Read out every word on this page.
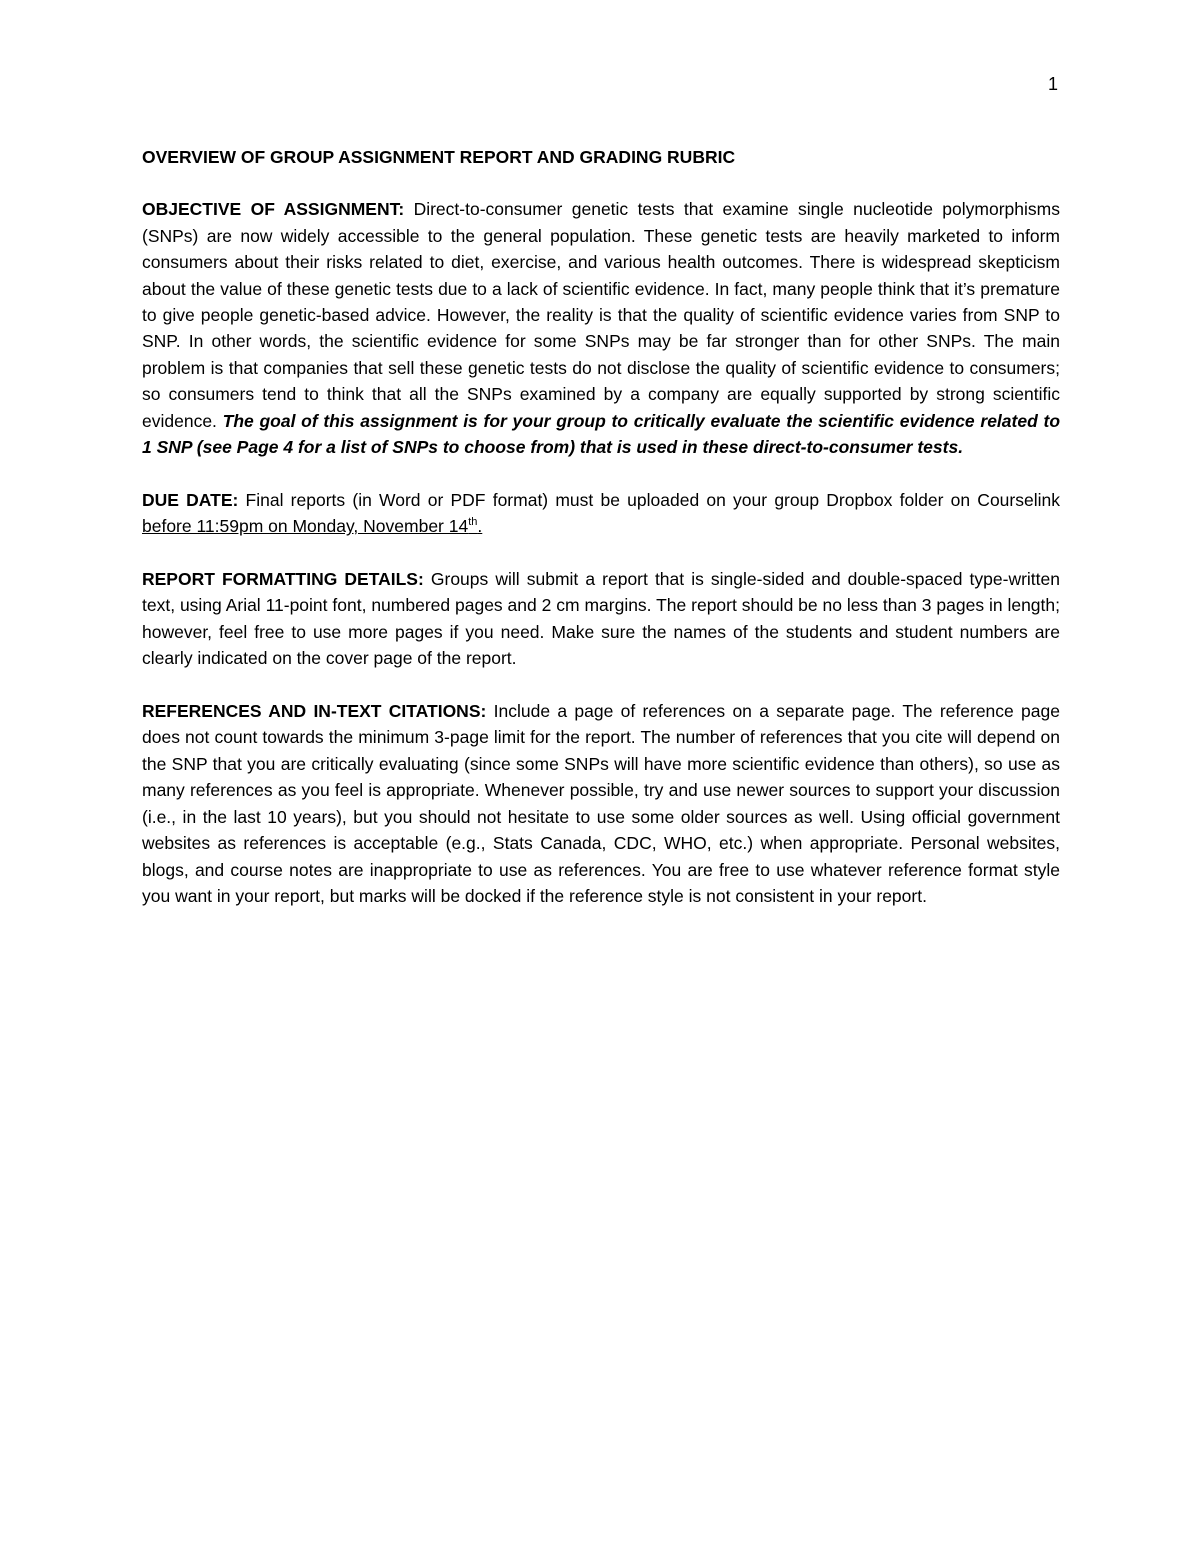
1
OVERVIEW OF GROUP ASSIGNMENT REPORT AND GRADING RUBRIC

OBJECTIVE OF ASSIGNMENT: Direct-to-consumer genetic tests that examine single nucleotide polymorphisms (SNPs) are now widely accessible to the general population. These genetic tests are heavily marketed to inform consumers about their risks related to diet, exercise, and various health outcomes. There is widespread skepticism about the value of these genetic tests due to a lack of scientific evidence. In fact, many people think that it’s premature to give people genetic-based advice. However, the reality is that the quality of scientific evidence varies from SNP to SNP. In other words, the scientific evidence for some SNPs may be far stronger than for other SNPs. The main problem is that companies that sell these genetic tests do not disclose the quality of scientific evidence to consumers; so consumers tend to think that all the SNPs examined by a company are equally supported by strong scientific evidence. The goal of this assignment is for your group to critically evaluate the scientific evidence related to 1 SNP (see Page 4 for a list of SNPs to choose from) that is used in these direct-to-consumer tests.

DUE DATE: Final reports (in Word or PDF format) must be uploaded on your group Dropbox folder on Courselink before 11:59pm on Monday, November 14th.

REPORT FORMATTING DETAILS: Groups will submit a report that is single-sided and double-spaced type-written text, using Arial 11-point font, numbered pages and 2 cm margins. The report should be no less than 3 pages in length; however, feel free to use more pages if you need. Make sure the names of the students and student numbers are clearly indicated on the cover page of the report.

REFERENCES AND IN-TEXT CITATIONS: Include a page of references on a separate page. The reference page does not count towards the minimum 3-page limit for the report. The number of references that you cite will depend on the SNP that you are critically evaluating (since some SNPs will have more scientific evidence than others), so use as many references as you feel is appropriate. Whenever possible, try and use newer sources to support your discussion (i.e., in the last 10 years), but you should not hesitate to use some older sources as well. Using official government websites as references is acceptable (e.g., Stats Canada, CDC, WHO, etc.) when appropriate. Personal websites, blogs, and course notes are inappropriate to use as references. You are free to use whatever reference format style you want in your report, but marks will be docked if the reference style is not consistent in your report.
